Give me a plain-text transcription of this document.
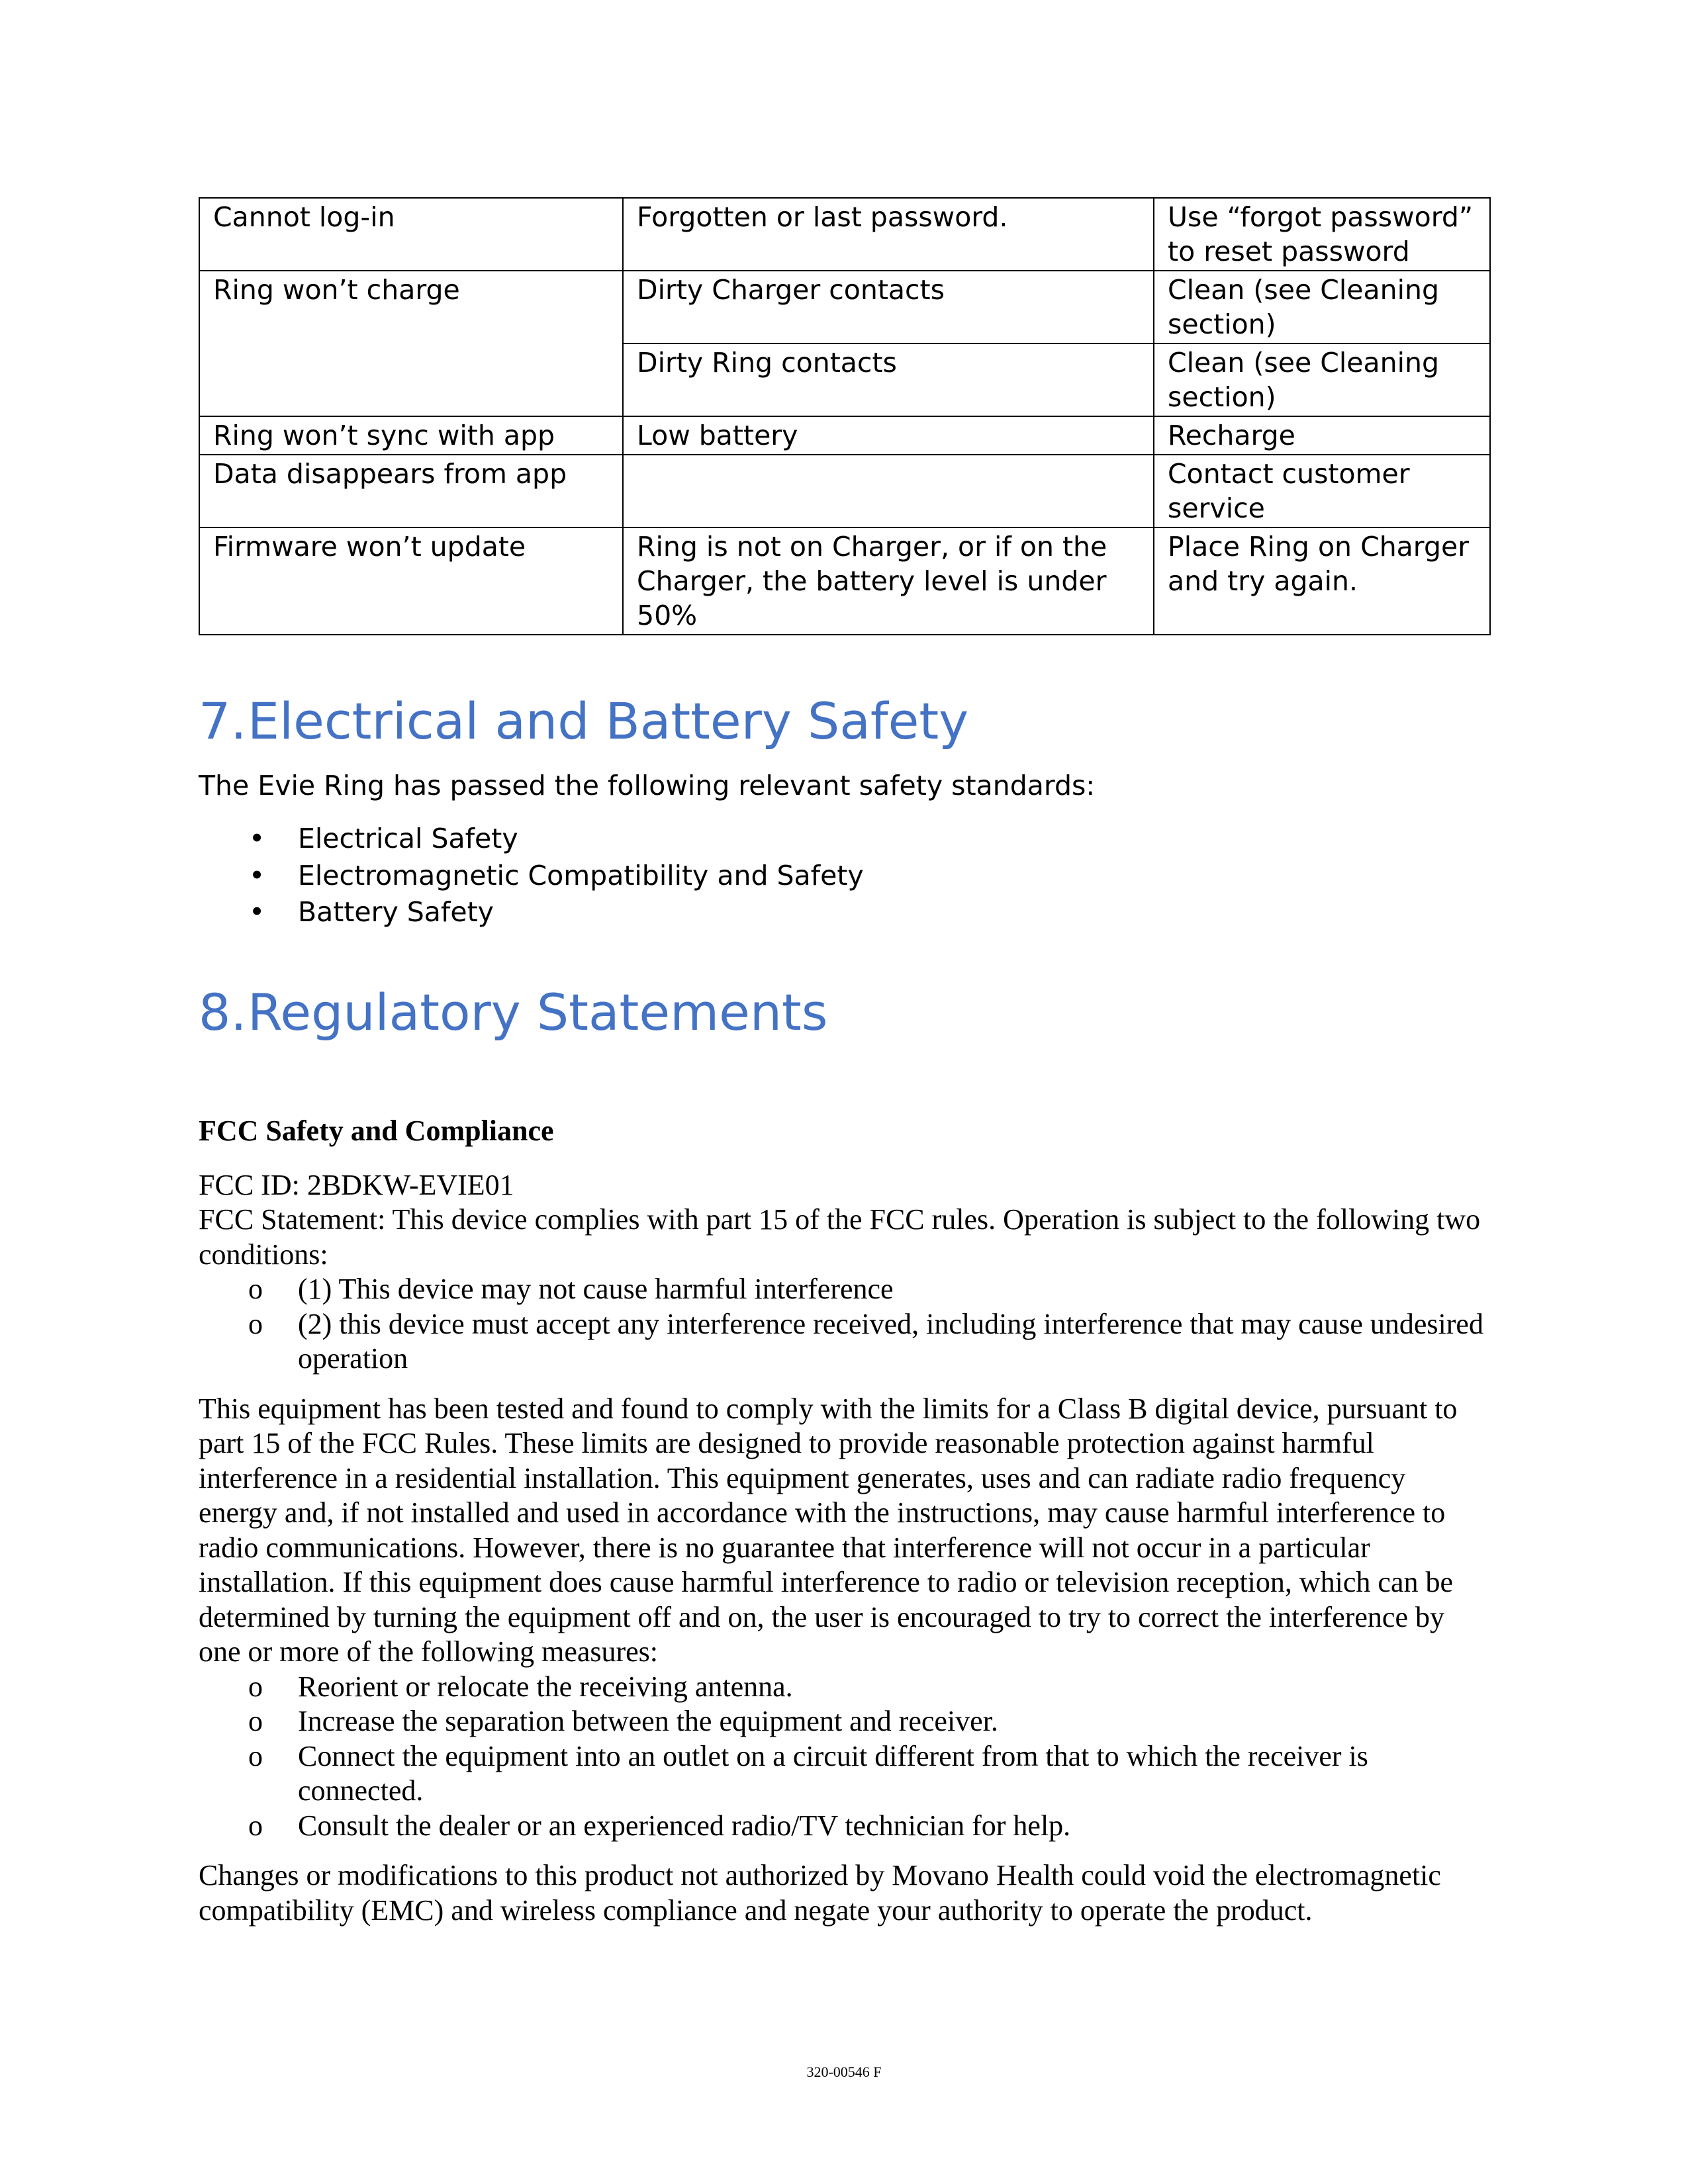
Cannot log-in	Forgotten or last password.	Use “forgot password” to reset password
Ring won’t charge	Dirty Charger contacts	Clean (see Cleaning section)
	Dirty Ring contacts	Clean (see Cleaning section)
Ring won’t sync with app	Low battery	Recharge
Data disappears from app		Contact customer service
Firmware won’t update	Ring is not on Charger, or if on the Charger, the battery level is under 50%	Place Ring on Charger and try again.
7. Electrical and Battery Safety
The Evie Ring has passed the following relevant safety standards:
• Electrical Safety
• Electromagnetic Compatibility and Safety
• Battery Safety
8. Regulatory Statements
FCC Safety and Compliance
FCC ID: 2BDKW-EVIE01
FCC Statement: This device complies with part 15 of the FCC rules. Operation is subject to the following two conditions:
o (1) This device may not cause harmful interference
o (2) this device must accept any interference received, including interference that may cause undesired operation
This equipment has been tested and found to comply with the limits for a Class B digital device, pursuant to part 15 of the FCC Rules. These limits are designed to provide reasonable protection against harmful interference in a residential installation. This equipment generates, uses and can radiate radio frequency energy and, if not installed and used in accordance with the instructions, may cause harmful interference to radio communications. However, there is no guarantee that interference will not occur in a particular installation. If this equipment does cause harmful interference to radio or television reception, which can be determined by turning the equipment off and on, the user is encouraged to try to correct the interference by one or more of the following measures:
o Reorient or relocate the receiving antenna.
o Increase the separation between the equipment and receiver.
o Connect the equipment into an outlet on a circuit different from that to which the receiver is connected.
o Consult the dealer or an experienced radio/TV technician for help.
Changes or modifications to this product not authorized by Movano Health could void the electromagnetic compatibility (EMC) and wireless compliance and negate your authority to operate the product.
320-00546 F
